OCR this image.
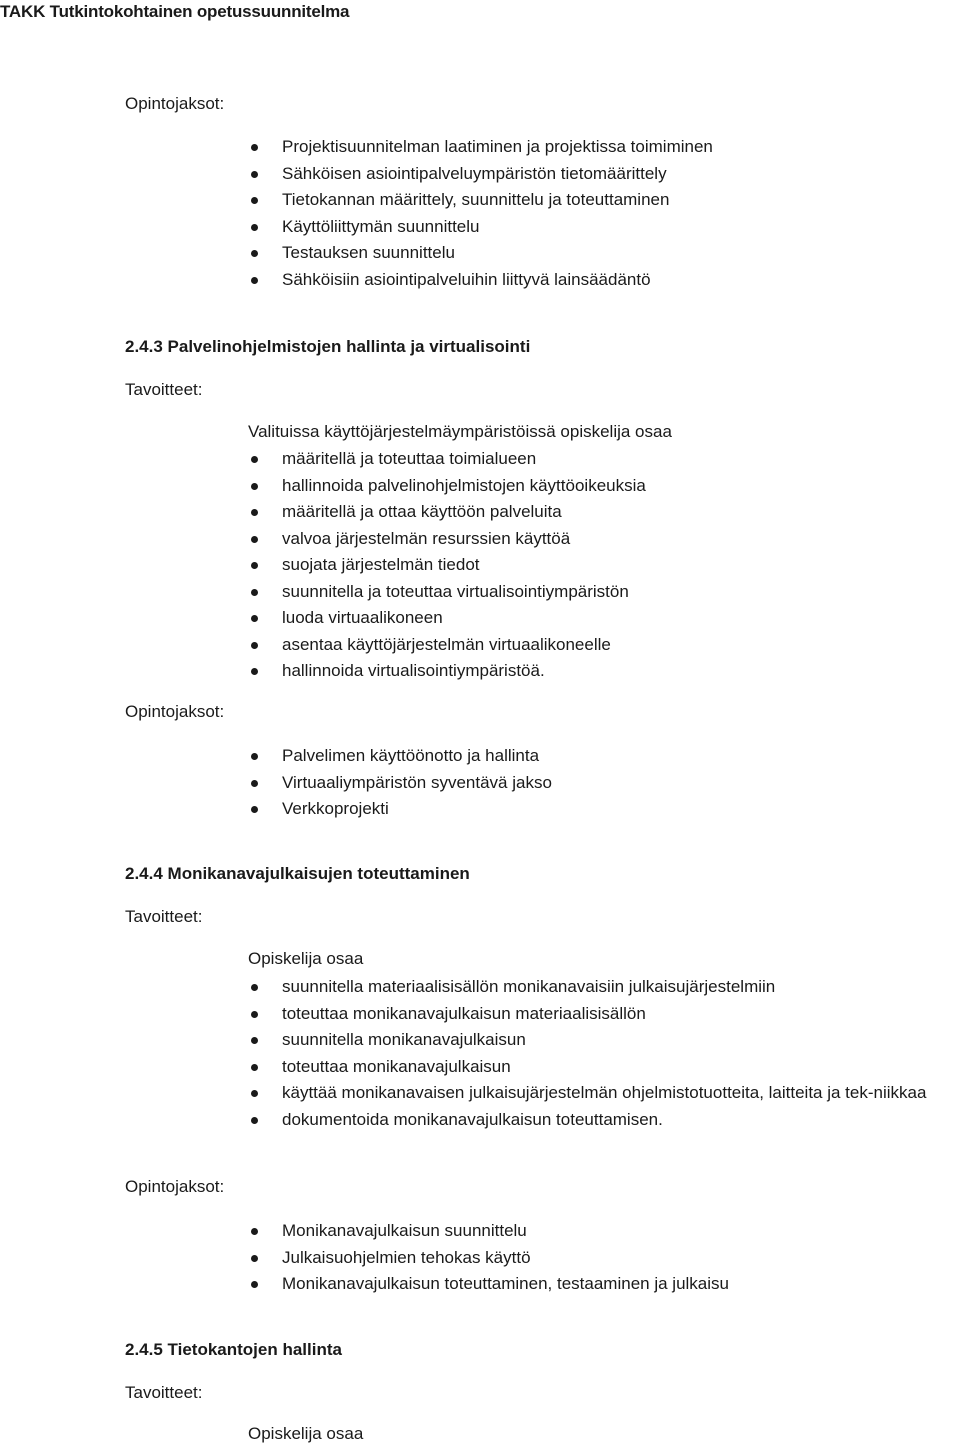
TAKK Tutkintokohtainen opetussuunnitelma
Opintojaksot:
Projektisuunnitelman laatiminen ja projektissa toimiminen
Sähköisen asiointipalveluympäristön tietomäärittely
Tietokannan määrittely, suunnittelu ja toteuttaminen
Käyttöliittymän suunnittelu
Testauksen suunnittelu
Sähköisiin asiointipalveluihin liittyvä lainsäädäntö
2.4.3 Palvelinohjelmistojen hallinta ja virtualisointi
Tavoitteet:
Valituissa käyttöjärjestelmäympäristöissä opiskelija osaa
määritellä ja toteuttaa toimialueen
hallinnoida palvelinohjelmistojen käyttöoikeuksia
määritellä ja ottaa käyttöön palveluita
valvoa järjestelmän resurssien käyttöä
suojata järjestelmän tiedot
suunnitella ja toteuttaa virtualisointiympäristön
luoda virtuaalikoneen
asentaa käyttöjärjestelmän virtuaalikoneelle
hallinnoida virtualisointiympäristöä.
Opintojaksot:
Palvelimen käyttöönotto ja hallinta
Virtuaaliympäristön syventävä jakso
Verkkoprojekti
2.4.4 Monikanavajulkaisujen toteuttaminen
Tavoitteet:
Opiskelija osaa
suunnitella materiaalisisällön monikanavaisiin julkaisujärjestelmiin
toteuttaa monikanavajulkaisun materiaalisisällön
suunnitella monikanavajulkaisun
toteuttaa monikanavajulkaisun
käyttää monikanavaisen julkaisujärjestelmän ohjelmistotuotteita, laitteita ja tek-niikkaa
dokumentoida monikanavajulkaisun toteuttamisen.
Opintojaksot:
Monikanavajulkaisun suunnittelu
Julkaisuohjelmien tehokas käyttö
Monikanavajulkaisun toteuttaminen, testaaminen ja julkaisu
2.4.5 Tietokantojen hallinta
Tavoitteet:
Opiskelija osaa
